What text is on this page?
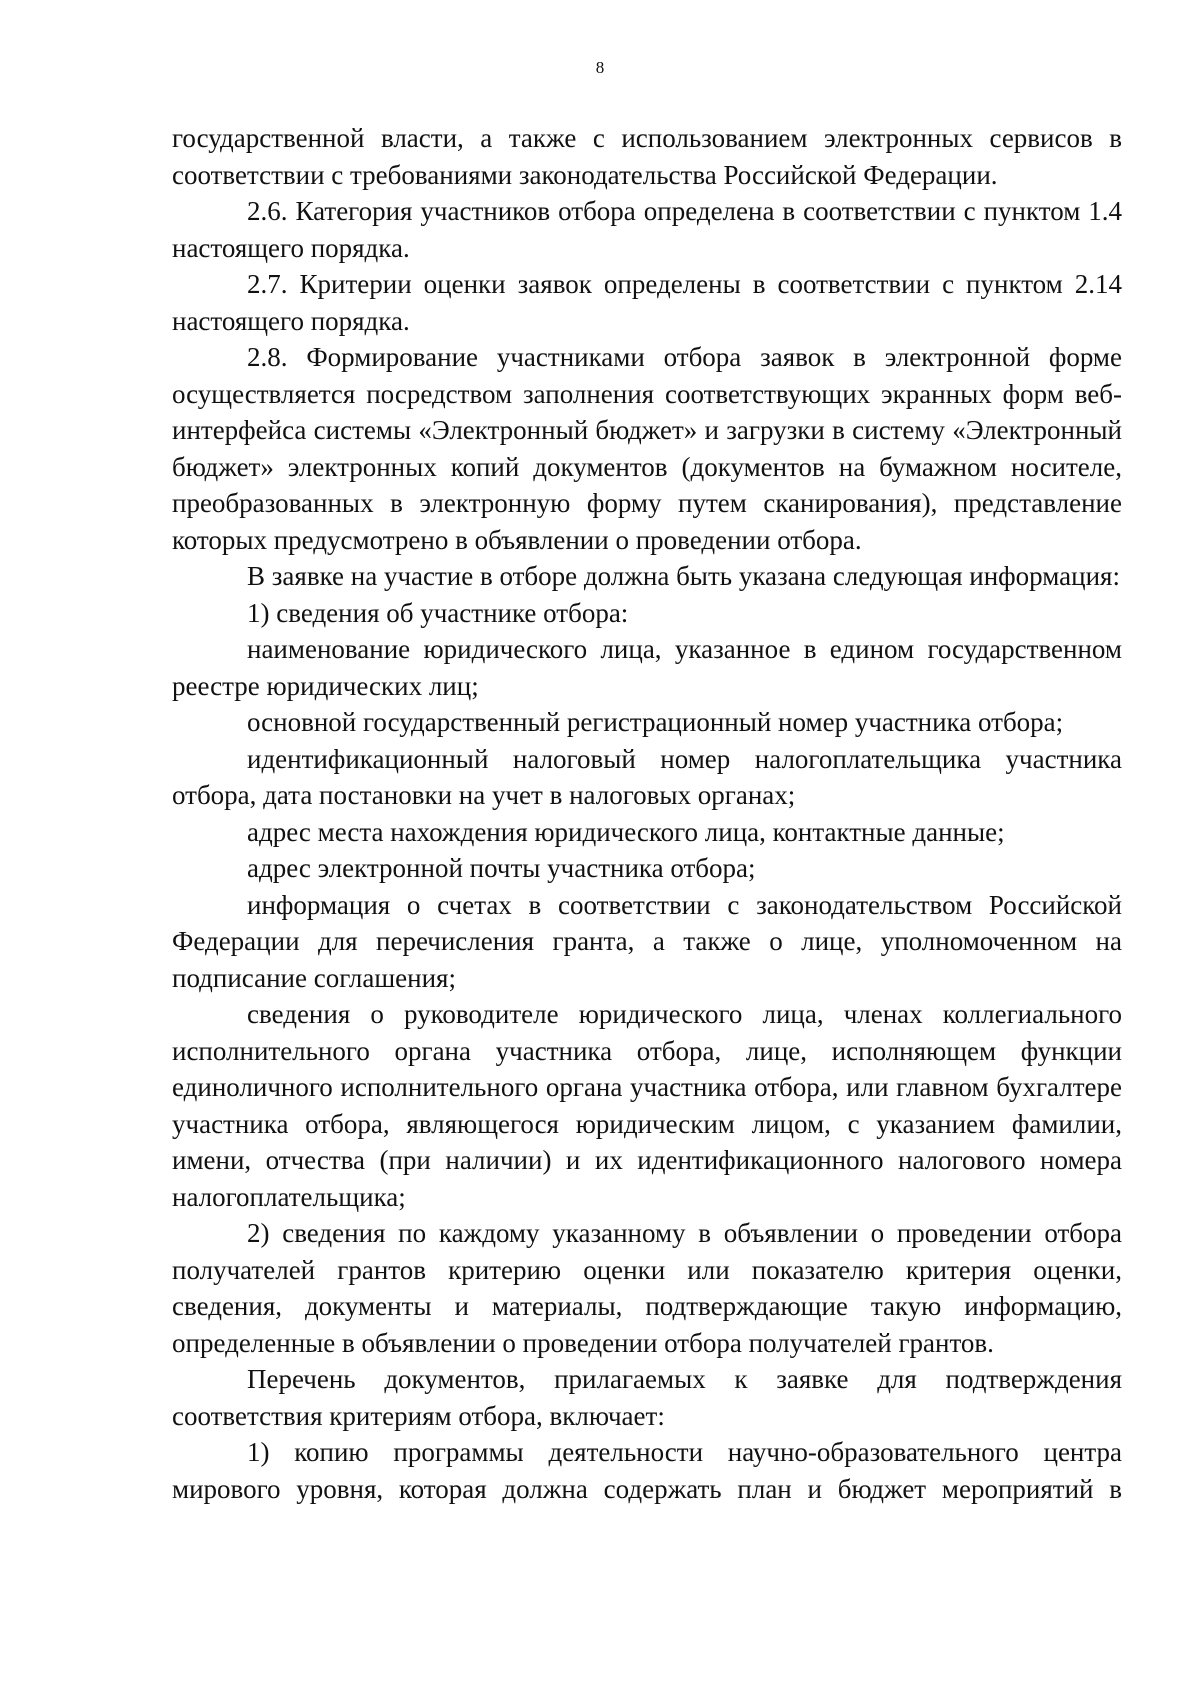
8

государственной власти, а также с использованием электронных сервисов в соответствии с требованиями законодательства Российской Федерации.

2.6. Категория участников отбора определена в соответствии с пунктом 1.4 настоящего порядка.

2.7. Критерии оценки заявок определены в соответствии с пунктом 2.14 настоящего порядка.

2.8. Формирование участниками отбора заявок в электронной форме осуществляется посредством заполнения соответствующих экранных форм веб-интерфейса системы «Электронный бюджет» и загрузки в систему «Электронный бюджет» электронных копий документов (документов на бумажном носителе, преобразованных в электронную форму путем сканирования), представление которых предусмотрено в объявлении о проведении отбора.

В заявке на участие в отборе должна быть указана следующая информация:

1) сведения об участнике отбора:

наименование юридического лица, указанное в едином государственном реестре юридических лиц;

основной государственный регистрационный номер участника отбора;

идентификационный налоговый номер налогоплательщика участника отбора, дата постановки на учет в налоговых органах;

адрес места нахождения юридического лица, контактные данные;

адрес электронной почты участника отбора;

информация о счетах в соответствии с законодательством Российской Федерации для перечисления гранта, а также о лице, уполномоченном на подписание соглашения;

сведения о руководителе юридического лица, членах коллегиального исполнительного органа участника отбора, лице, исполняющем функции единоличного исполнительного органа участника отбора, или главном бухгалтере участника отбора, являющегося юридическим лицом, с указанием фамилии, имени, отчества (при наличии) и их идентификационного налогового номера налогоплательщика;

2) сведения по каждому указанному в объявлении о проведении отбора получателей грантов критерию оценки или показателю критерия оценки, сведения, документы и материалы, подтверждающие такую информацию, определенные в объявлении о проведении отбора получателей грантов.

Перечень документов, прилагаемых к заявке для подтверждения соответствия критериям отбора, включает:

1) копию программы деятельности научно-образовательного центра мирового уровня, которая должна содержать план и бюджет мероприятий в
